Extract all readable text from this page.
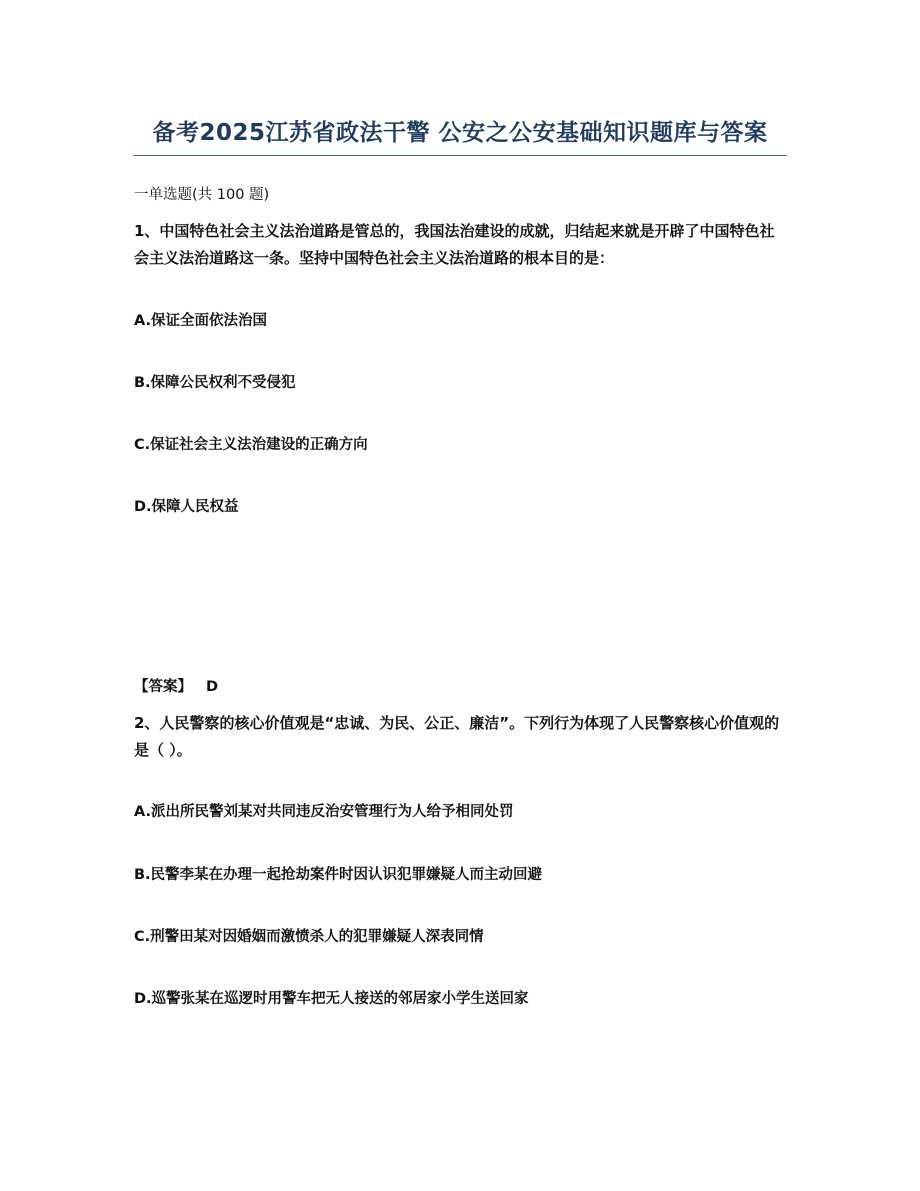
备考2025江苏省政法干警 公安之公安基础知识题库与答案
一单选题(共 100 题)
1、中国特色社会主义法治道路是管总的，我国法治建设的成就，归结起来就是开辟了中国特色社会主义法治道路这一条。坚持中国特色社会主义法治道路的根本目的是：
A.保证全面依法治国
B.保障公民权利不受侵犯
C.保证社会主义法治建设的正确方向
D.保障人民权益
【答案】 D
2、人民警察的核心价值观是“忠诚、为民、公正、廉洁”。下列行为体现了人民警察核心价值观的是（ ）。
A.派出所民警刘某对共同违反治安管理行为人给予相同处罚
B.民警李某在办理一起抢劫案件时因认识犯罪嫌疑人而主动回避
C.刑警田某对因婚姻而激愤杀人的犯罪嫌疑人深表同情
D.巡警张某在巡逻时用警车把无人接送的邻居家小学生送回家
